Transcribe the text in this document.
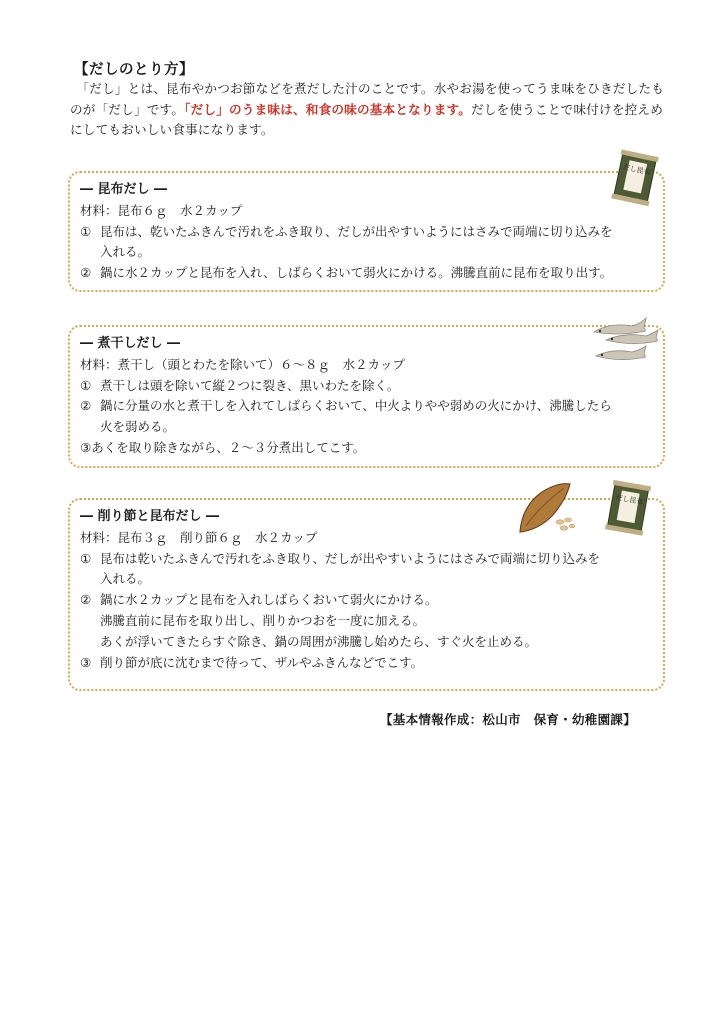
【だしのとり方】
　「だし」とは、昆布やかつお節などを煮だした汁のことです。水やお湯を使ってうま味をひきだしたものが「だし」です。「だし」のうま味は、和食の味の基本となります。だしを使うことで味付けを控えめにしてもおいしい食事になります。
― 昆布だし ―
材料：昆布６ｇ　水２カップ
① 昆布は、乾いたふきんで汚れをふき取り、だしが出やすいようにはさみで両端に切り込みを
入れる。
② 鍋に水２カップと昆布を入れ、しばらくおいて弱火にかける。沸騰直前に昆布を取り出す。
― 煮干しだし ―
材料：煮干し（頭とわたを除いて）６～８ｇ　水２カップ
① 煮干しは頭を除いて縦２つに裂き、黒いわたを除く。
② 鍋に分量の水と煮干しを入れてしばらくおいて、中火よりやや弱めの火にかけ、沸騰したら
火を弱める。
③あくを取り除きながら、２～３分煮出してこす。
― 削り節と昆布だし ―
材料：昆布３ｇ　削り節６ｇ　水２カップ
① 昆布は乾いたふきんで汚れをふき取り、だしが出やすいようにはさみで両端に切り込みを
入れる。
② 鍋に水２カップと昆布を入れしばらくおいて弱火にかける。
沸騰直前に昆布を取り出し、削りかつおを一度に加える。
あくが浮いてきたらすぐ除き、鍋の周囲が沸騰し始めたら、すぐ火を止める。
③ 削り節が底に沈むまで待って、ザルやふきんなどでこす。
だし昆布
だし昆布
【基本情報作成：松山市　保育・幼稚園課】
